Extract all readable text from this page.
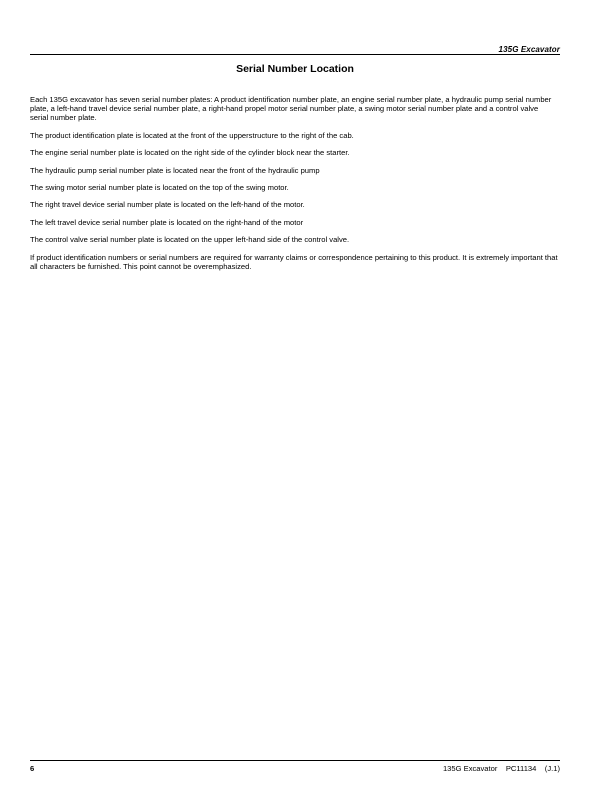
135G Excavator
Serial Number Location

Each 135G excavator has seven serial number plates: A product identification number plate, an engine serial number plate, a hydraulic pump serial number plate, a left-hand travel device serial number plate, a right-hand propel motor serial number plate, a swing motor serial number plate and a control valve serial number plate.

The product identification plate is located at the front of the upperstructure to the right of the cab.

The engine serial number plate is located on the right side of the cylinder block near the starter.

The hydraulic pump serial number plate is located near the front of the hydraulic pump

The swing motor serial number plate is located on the top of the swing motor.

The right travel device serial number plate is located on the left-hand of the motor.

The left travel device serial number plate is located on the right-hand of the motor

The control valve serial number plate is located on the upper left-hand side of the control valve.

If product identification numbers or serial numbers are required for warranty claims or correspondence pertaining to this product. It is extremely important that all characters be furnished. This point cannot be overemphasized.

6	135G Excavator    PC11134    (J.1)
